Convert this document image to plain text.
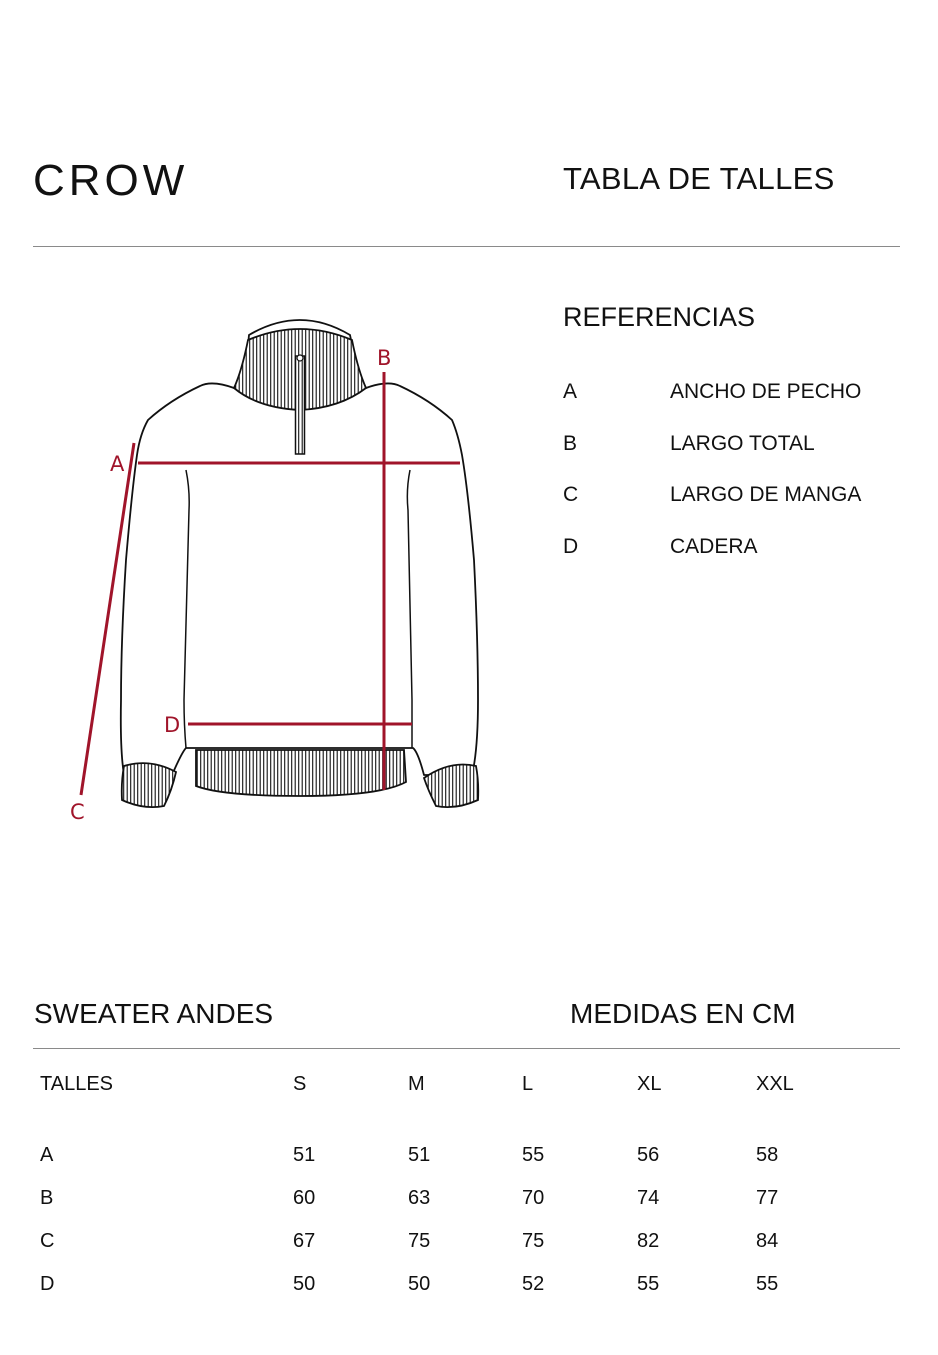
CROW	TABLA DE TALLES
A
B
C
D
REFERENCIAS
A	ANCHO DE PECHO
B	LARGO TOTAL
C	LARGO DE MANGA
D	CADERA
SWEATER ANDES	MEDIDAS EN CM
TALLES	S	M	L	XL	XXL
A	51	51	55	56	58
B	60	63	70	74	77
C	67	75	75	82	84
D	50	50	52	55	55
